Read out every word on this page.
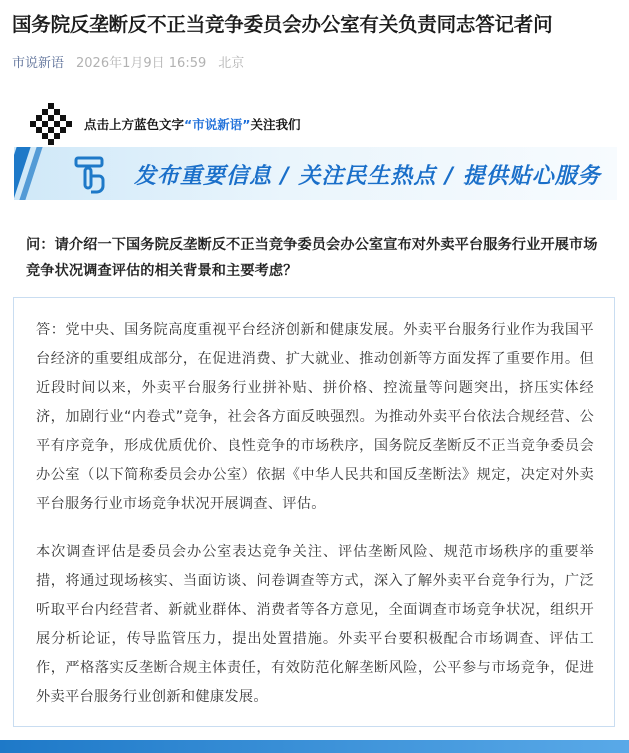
国务院反垄断反不正当竞争委员会办公室有关负责同志答记者问
市说新语 2026年1月9日 16:59 北京
点击上方蓝色文字“市说新语”关注我们
发布重要信息 / 关注民生热点 / 提供贴心服务
问：请介绍一下国务院反垄断反不正当竞争委员会办公室宣布对外卖平台服务行业开展市场竞争状况调查评估的相关背景和主要考虑？

答：党中央、国务院高度重视平台经济创新和健康发展。外卖平台服务行业作为我国平台经济的重要组成部分，在促进消费、扩大就业、推动创新等方面发挥了重要作用。但近段时间以来，外卖平台服务行业拼补贴、拼价格、控流量等问题突出，挤压实体经济，加剧行业“内卷式”竞争，社会各方面反映强烈。为推动外卖平台依法合规经营、公平有序竞争，形成优质优价、良性竞争的市场秩序，国务院反垄断反不正当竞争委员会办公室（以下简称委员会办公室）依据《中华人民共和国反垄断法》规定，决定对外卖平台服务行业市场竞争状况开展调查、评估。

本次调查评估是委员会办公室表达竞争关注、评估垄断风险、规范市场秩序的重要举措，将通过现场核实、当面访谈、问卷调查等方式，深入了解外卖平台竞争行为，广泛听取平台内经营者、新就业群体、消费者等各方意见，全面调查市场竞争状况，组织开展分析论证，传导监管压力，提出处置措施。外卖平台要积极配合市场调查、评估工作，严格落实反垄断合规主体责任，有效防范化解垄断风险，公平参与市场竞争，促进外卖平台服务行业创新和健康发展。
